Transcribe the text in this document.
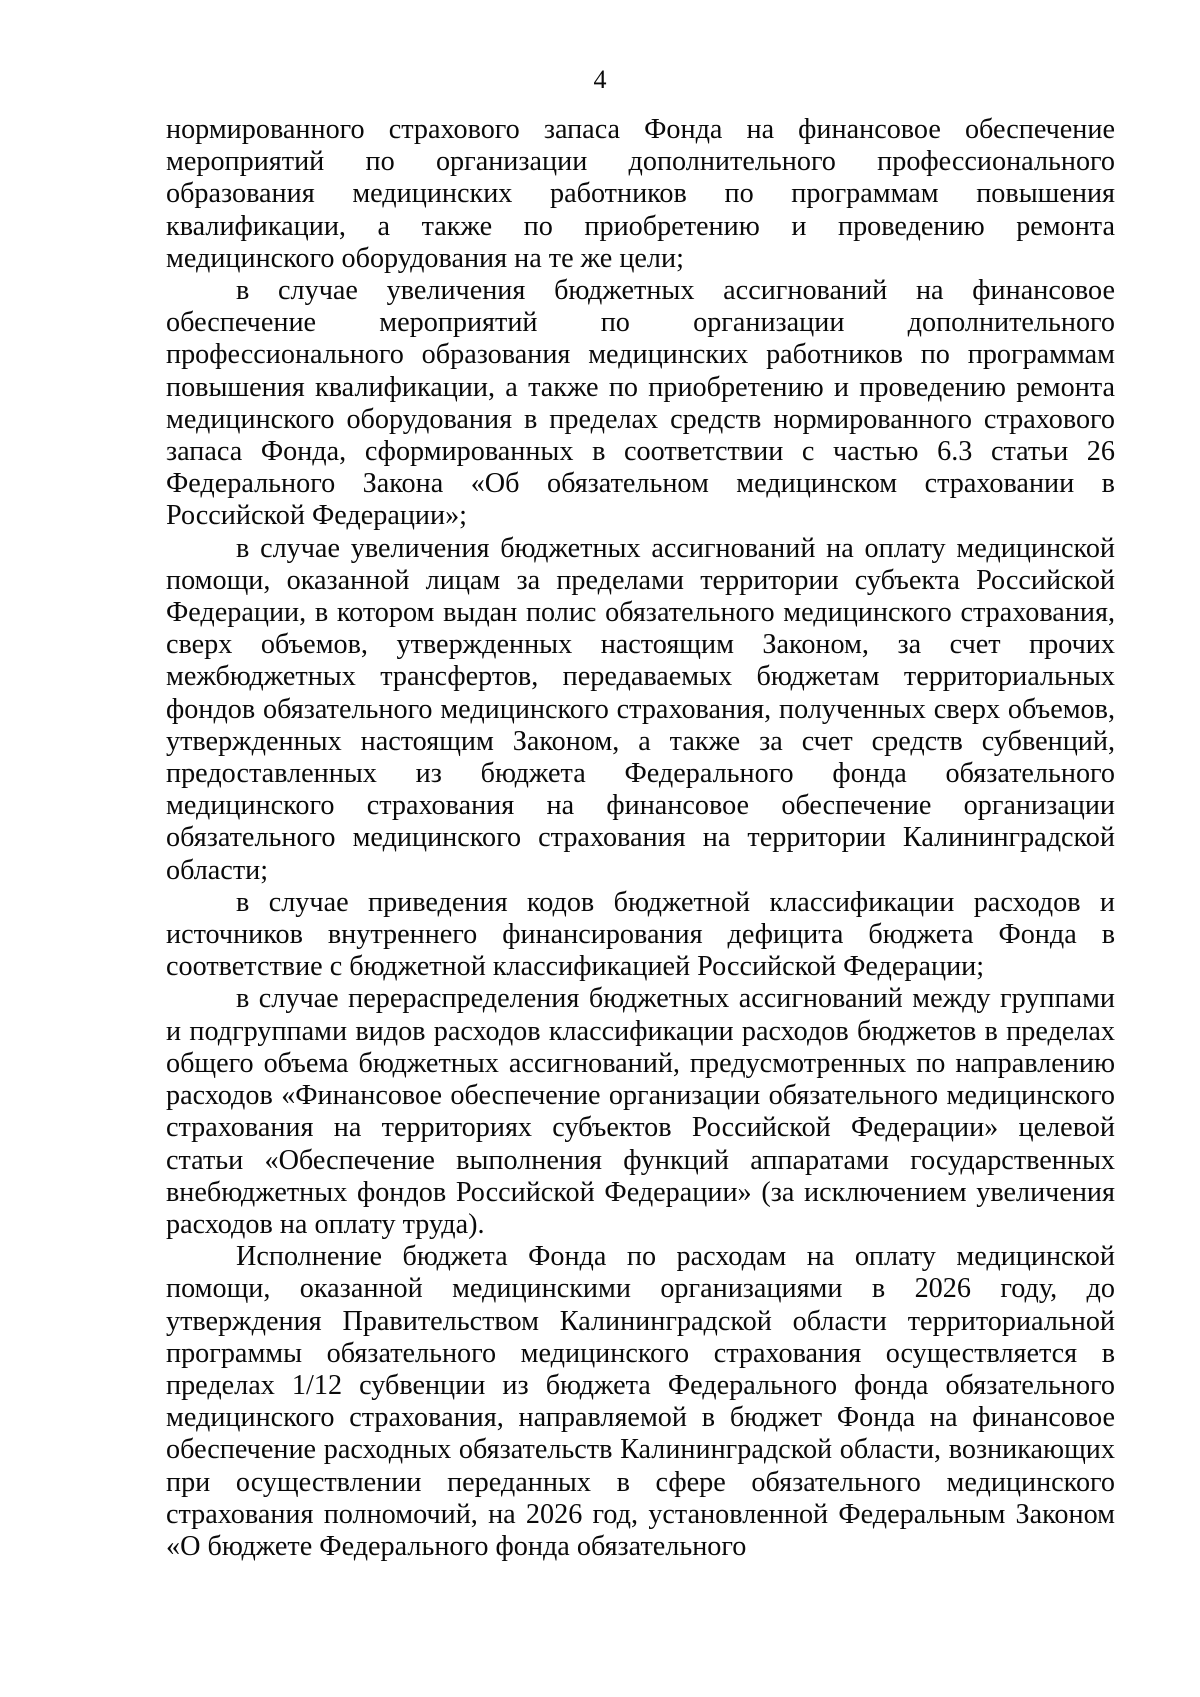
4

нормированного страхового запаса Фонда на финансовое обеспечение мероприятий по организации дополнительного профессионального образования медицинских работников по программам повышения квалификации, а также по приобретению и проведению ремонта медицинского оборудования на те же цели;

в случае увеличения бюджетных ассигнований на финансовое обеспечение мероприятий по организации дополнительного профессионального образования медицинских работников по программам повышения квалификации, а также по приобретению и проведению ремонта медицинского оборудования в пределах средств нормированного страхового запаса Фонда, сформированных в соответствии с частью 6.3 статьи 26 Федерального Закона «Об обязательном медицинском страховании в Российской Федерации»;

в случае увеличения бюджетных ассигнований на оплату медицинской помощи, оказанной лицам за пределами территории субъекта Российской Федерации, в котором выдан полис обязательного медицинского страхования, сверх объемов, утвержденных настоящим Законом, за счет прочих межбюджетных трансфертов, передаваемых бюджетам территориальных фондов обязательного медицинского страхования, полученных сверх объемов, утвержденных настоящим Законом, а также за счет средств субвенций, предоставленных из бюджета Федерального фонда обязательного медицинского страхования на финансовое обеспечение организации обязательного медицинского страхования на территории Калининградской области;

в случае приведения кодов бюджетной классификации расходов и источников внутреннего финансирования дефицита бюджета Фонда в соответствие с бюджетной классификацией Российской Федерации;

в случае перераспределения бюджетных ассигнований между группами и подгруппами видов расходов классификации расходов бюджетов в пределах общего объема бюджетных ассигнований, предусмотренных по направлению расходов «Финансовое обеспечение организации обязательного медицинского страхования на территориях субъектов Российской Федерации» целевой статьи «Обеспечение выполнения функций аппаратами государственных внебюджетных фондов Российской Федерации» (за исключением увеличения расходов на оплату труда).

Исполнение бюджета Фонда по расходам на оплату медицинской помощи, оказанной медицинскими организациями в 2026 году, до утверждения Правительством Калининградской области территориальной программы обязательного медицинского страхования осуществляется в пределах 1/12 субвенции из бюджета Федерального фонда обязательного медицинского страхования, направляемой в бюджет Фонда на финансовое обеспечение расходных обязательств Калининградской области, возникающих при осуществлении переданных в сфере обязательного медицинского страхования полномочий, на 2026 год, установленной Федеральным Законом «О бюджете Федерального фонда обязательного
